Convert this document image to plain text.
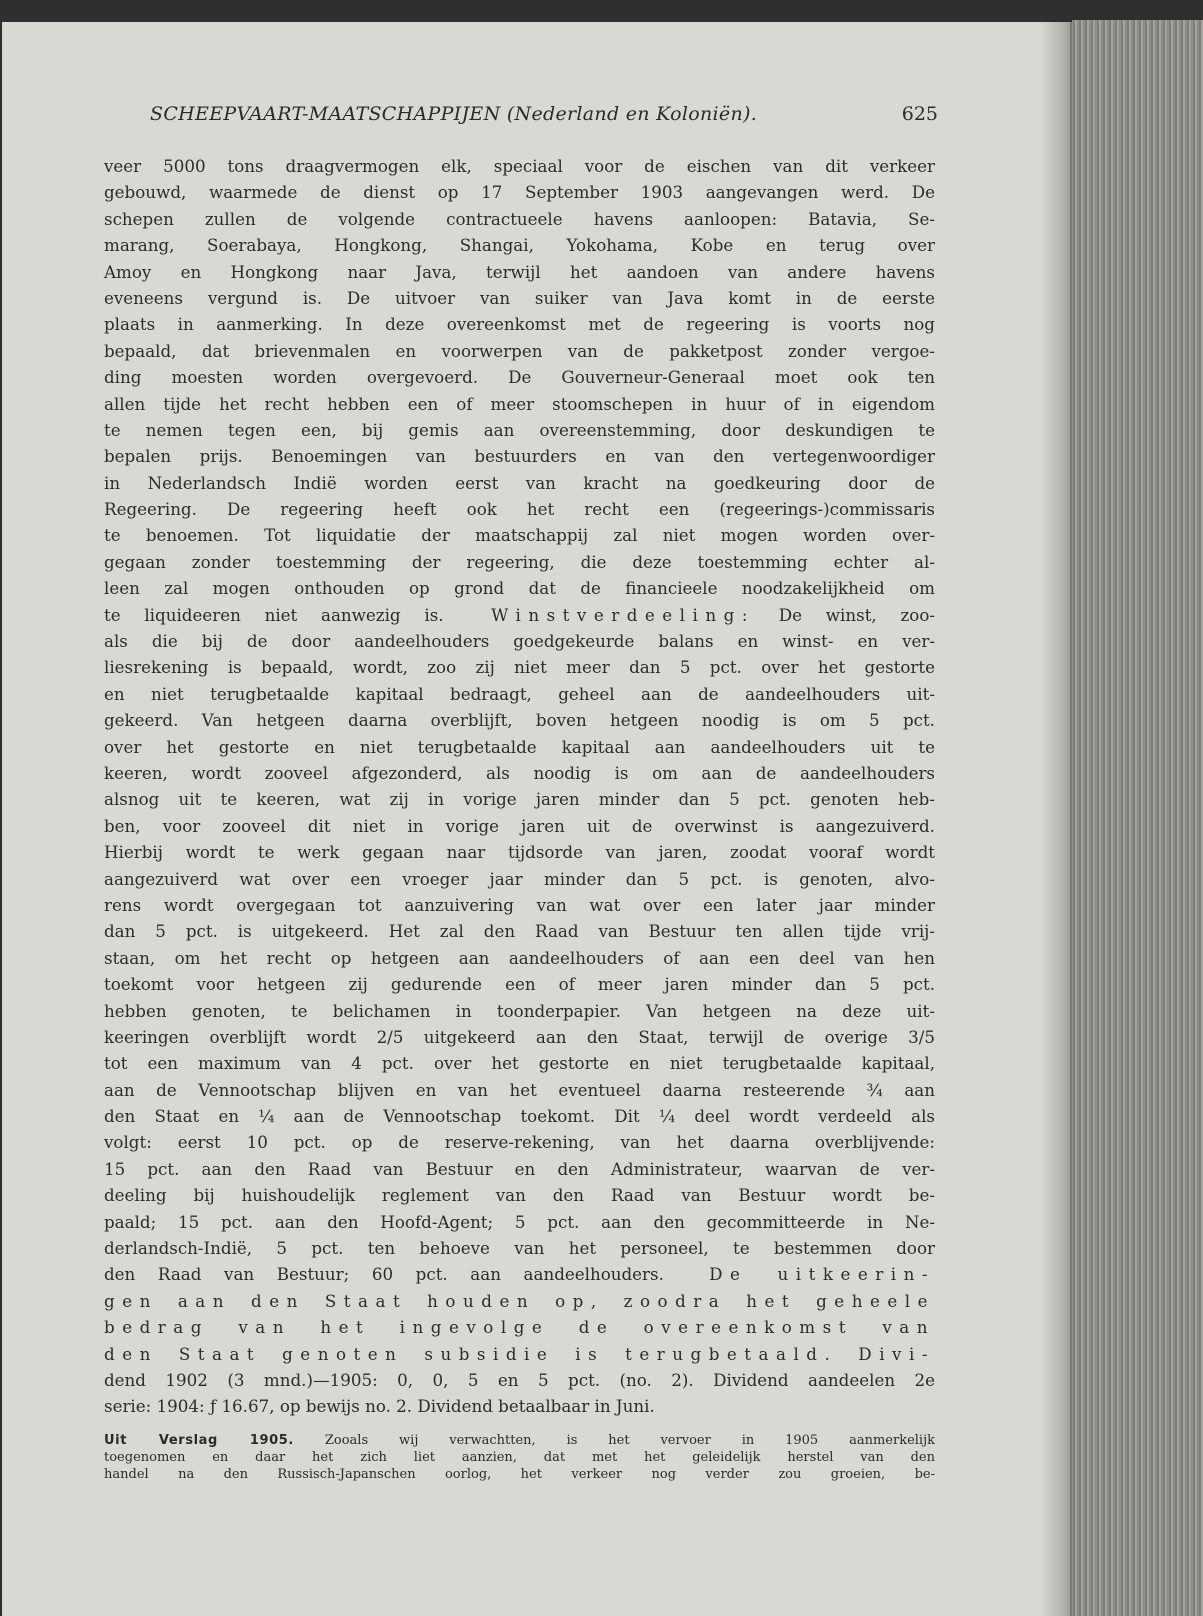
SCHEEPVAART-MAATSCHAPPIJEN (Nederland en Koloniën).	625
veer 5000 tons draagvermogen elk, speciaal voor de eischen van dit verkeer
gebouwd, waarmede de dienst op 17 September 1903 aangevangen werd. De
schepen zullen de volgende contractueele havens aanloopen: Batavia, Se-
marang, Soerabaya, Hongkong, Shangai, Yokohama, Kobe en terug over
Amoy en Hongkong naar Java, terwijl het aandoen van andere havens
eveneens vergund is. De uitvoer van suiker van Java komt in de eerste
plaats in aanmerking. In deze overeenkomst met de regeering is voorts nog
bepaald, dat brievenmalen en voorwerpen van de pakketpost zonder vergoe-
ding moesten worden overgevoerd. De Gouverneur-Generaal moet ook ten
allen tijde het recht hebben een of meer stoomschepen in huur of in eigendom
te nemen tegen een, bij gemis aan overeenstemming, door deskundigen te
bepalen prijs. Benoemingen van bestuurders en van den vertegenwoordiger
in Nederlandsch Indië worden eerst van kracht na goedkeuring door de
Regeering. De regeering heeft ook het recht een (regeerings-)commissaris
te benoemen. Tot liquidatie der maatschappij zal niet mogen worden over-
gegaan zonder toestemming der regeering, die deze toestemming echter al-
leen zal mogen onthouden op grond dat de financieele noodzakelijkheid om
te liquideeren niet aanwezig is.	Winstverdeeling: De winst, zoo-
als die bij de door aandeelhouders goedgekeurde balans en winst- en ver-
liesrekening is bepaald, wordt, zoo zij niet meer dan 5 pct. over het gestorte
en niet terugbetaalde kapitaal bedraagt, geheel aan de aandeelhouders uit-
gekeerd. Van hetgeen daarna overblijft, boven hetgeen noodig is om 5 pct.
over het gestorte en niet terugbetaalde kapitaal aan aandeelhouders uit te
keeren, wordt zooveel afgezonderd, als noodig is om aan de aandeelhouders
alsnog uit te keeren, wat zij in vorige jaren minder dan 5 pct. genoten heb-
ben, voor zooveel dit niet in vorige jaren uit de overwinst is aangezuiverd.
Hierbij wordt te werk gegaan naar tijdsorde van jaren, zoodat vooraf wordt
aangezuiverd wat over een vroeger jaar minder dan 5 pct. is genoten, alvo-
rens wordt overgegaan tot aanzuivering van wat over een later jaar minder
dan 5 pct. is uitgekeerd. Het zal den Raad van Bestuur ten allen tijde vrij-
staan, om het recht op hetgeen aan aandeelhouders of aan een deel van hen
toekomt voor hetgeen zij gedurende een of meer jaren minder dan 5 pct.
hebben genoten, te belichamen in toonderpapier. Van hetgeen na deze uit-
keeringen overblijft wordt 2/5 uitgekeerd aan den Staat, terwijl de overige 3/5
tot een maximum van 4 pct. over het gestorte en niet terugbetaalde kapitaal,
aan de Vennootschap blijven en van het eventueel daarna resteerende ¾ aan
den Staat en ¼ aan de Vennootschap toekomt. Dit ¼ deel wordt verdeeld als
volgt: eerst 10 pct. op de reserve-rekening, van het daarna overblijvende:
15 pct. aan den Raad van Bestuur en den Administrateur, waarvan de ver-
deeling bij huishoudelijk reglement van den Raad van Bestuur wordt be-
paald; 15 pct. aan den Hoofd-Agent; 5 pct. aan den gecommitteerde in Ne-
derlandsch-Indië, 5 pct. ten behoeve van het personeel, te bestemmen door
den Raad van Bestuur; 60 pct. aan aandeelhouders.	De uitkeerin-
gen aan den Staat houden op, zoodra het geheele
bedrag van het ingevolge de overeenkomst van
den Staat genoten subsidie is terugbetaald. Divi-
dend 1902 (3 mnd.)—1905: 0, 0, 5 en 5 pct. (no. 2). Dividend aandeelen 2e
serie: 1904: ƒ 16.67, op bewijs no. 2. Dividend betaalbaar in Juni.
Uit Verslag 1905. Zooals wij verwachtten, is het vervoer in 1905 aanmerkelijk
toegenomen en daar het zich liet aanzien, dat met het geleidelijk herstel van den
handel na den Russisch-Japanschen oorlog, het verkeer nog verder zou groeien, be-
